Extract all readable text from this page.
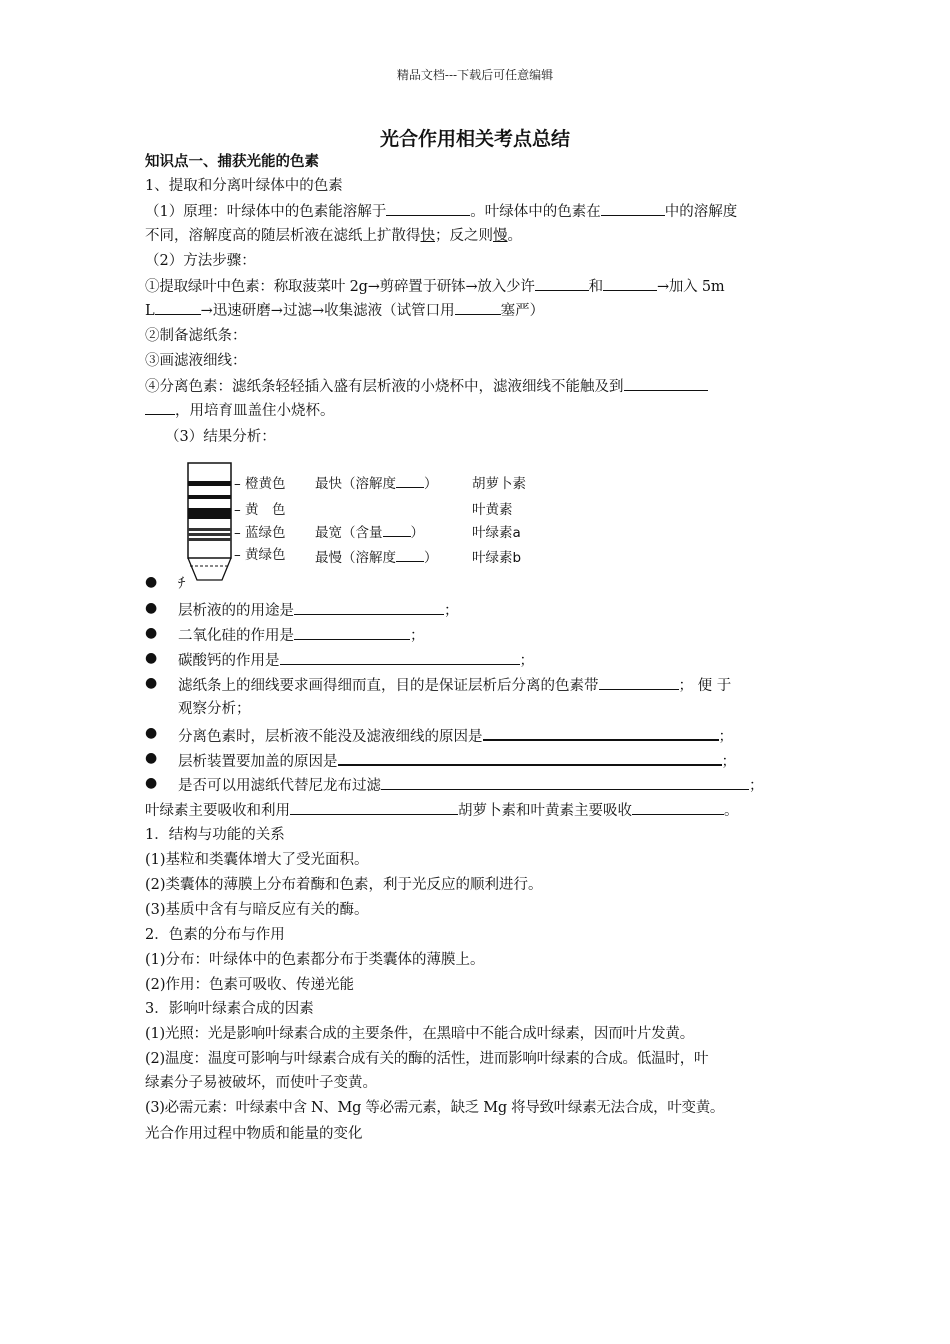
精品文档---下载后可任意编辑
光合作用相关考点总结
知识点一、捕获光能的色素
1、提取和分离叶绿体中的色素
（1）原理：叶绿体中的色素能溶解于	。叶绿体中的色素在	中的溶解度
不同，溶解度高的随层析液在滤纸上扩散得快；反之则慢。
（2）方法步骤：
①提取绿叶中色素：称取菠菜叶 2g→剪碎置于研钵→放入少许	和	→加入 5m
L	→迅速研磨→过滤→收集滤液（试管口用	塞严）
②制备滤纸条：
③画滤液细线：
④分离色素：滤纸条轻轻插入盛有层析液的小烧杯中，滤液细线不能触及到
，用培育皿盖住小烧杯。
（3）结果分析：
– 橙黄色 最快（溶解度 ）	胡萝卜素
– 黄　色	叶黄素
– 蓝绿色 最宽（含量 ）	叶绿素a
– 黄绿色 最慢（溶解度 ）	叶绿素b
● ﾁ
● 层析液的的用途是	；
● 二氧化硅的作用是	；
● 碳酸钙的作用是	；
● 滤纸条上的细线要求画得细而直，目的是保证层析后分离的色素带	； 便 于
观察分析；
● 分离色素时，层析液不能没及滤液细线的原因是	；
● 层析装置要加盖的原因是	；
● 是否可以用滤纸代替尼龙布过滤	；
叶绿素主要吸收和利用	胡萝卜素和叶黄素主要吸收	。
1．结构与功能的关系
(1)基粒和类囊体增大了受光面积。
(2)类囊体的薄膜上分布着酶和色素，利于光反应的顺利进行。
(3)基质中含有与暗反应有关的酶。
2．色素的分布与作用
(1)分布：叶绿体中的色素都分布于类囊体的薄膜上。
(2)作用：色素可吸收、传递光能
3．影响叶绿素合成的因素
(1)光照：光是影响叶绿素合成的主要条件，在黑暗中不能合成叶绿素，因而叶片发黄。
(2)温度：温度可影响与叶绿素合成有关的酶的活性，进而影响叶绿素的合成。低温时，叶
绿素分子易被破坏，而使叶子变黄。
(3)必需元素：叶绿素中含 N、Mg 等必需元素，缺乏 Mg 将导致叶绿素无法合成，叶变黄。
光合作用过程中物质和能量的变化
